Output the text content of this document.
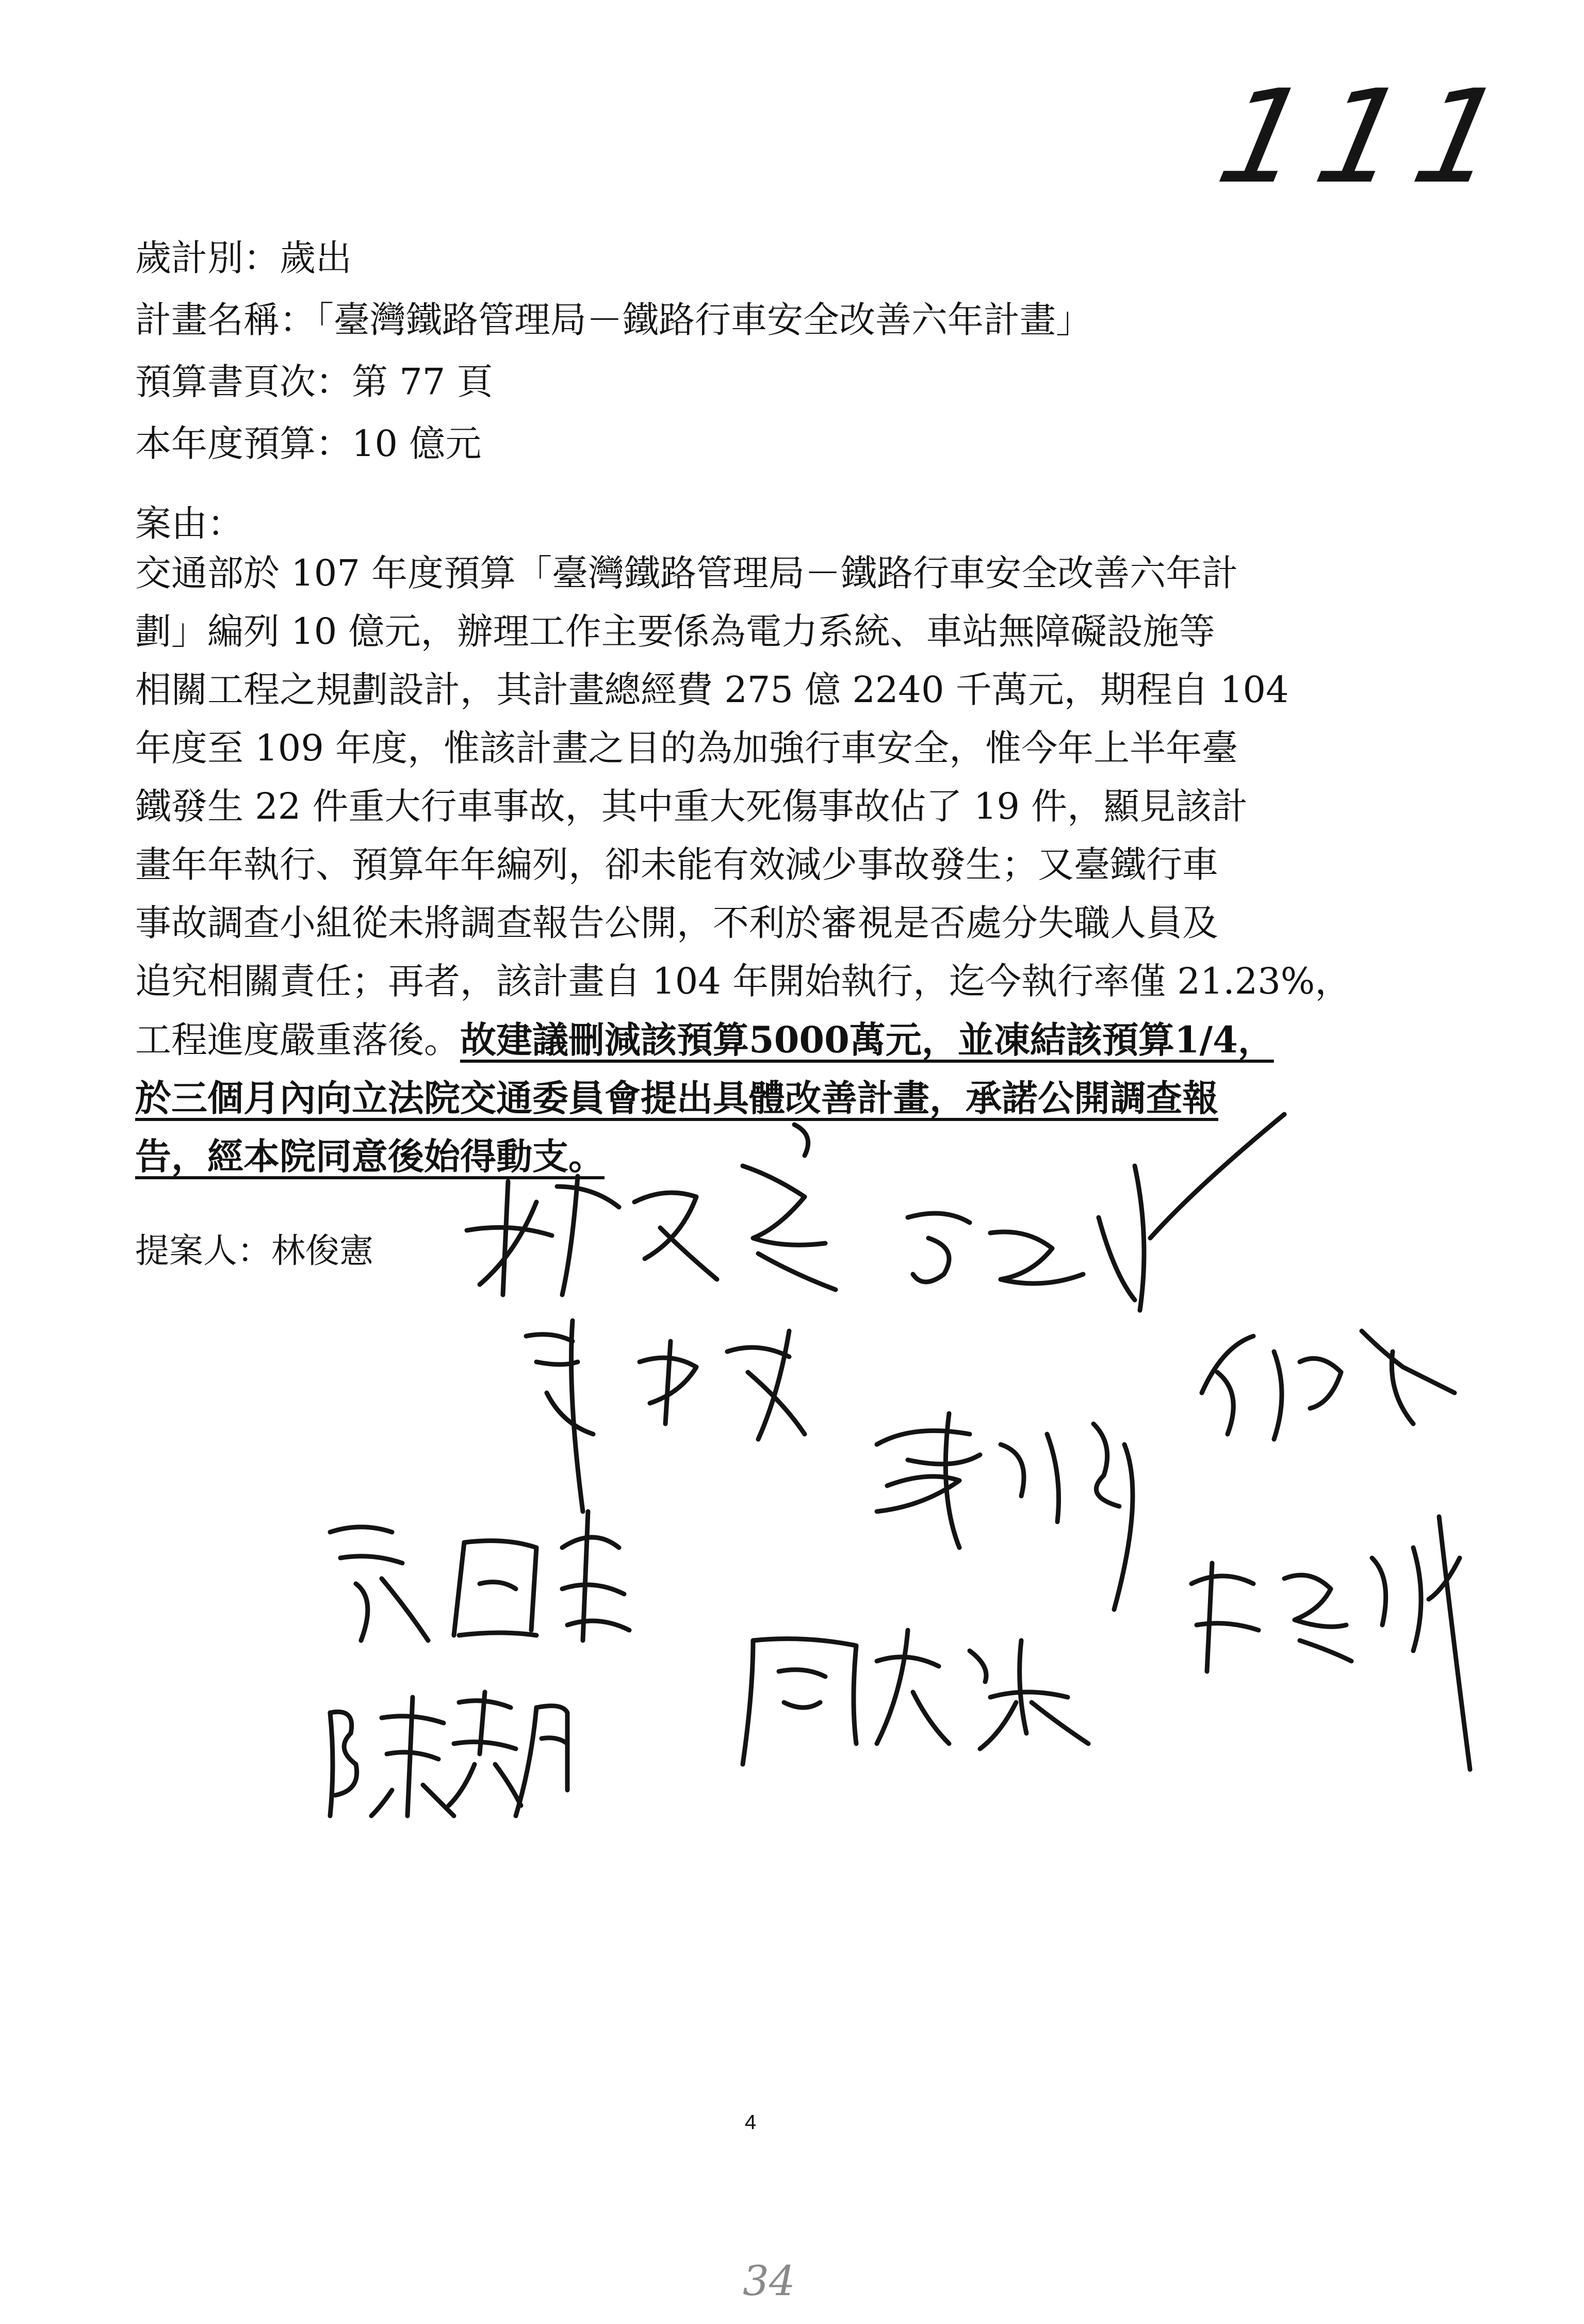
111
歲計別：歲出
計畫名稱：「臺灣鐵路管理局－鐵路行車安全改善六年計畫」
預算書頁次：第 77 頁
本年度預算：10 億元
案由：
交通部於 107 年度預算「臺灣鐵路管理局－鐵路行車安全改善六年計
劃」編列 10 億元，辦理工作主要係為電力系統、車站無障礙設施等
相關工程之規劃設計，其計畫總經費 275 億 2240 千萬元，期程自 104
年度至 109 年度，惟該計畫之目的為加強行車安全，惟今年上半年臺
鐵發生 22 件重大行車事故，其中重大死傷事故佔了 19 件，顯見該計
畫年年執行、預算年年編列，卻未能有效減少事故發生；又臺鐵行車
事故調查小組從未將調查報告公開，不利於審視是否處分失職人員及
追究相關責任；再者，該計畫自 104 年開始執行，迄今執行率僅 21.23%，
工程進度嚴重落後。故建議刪減該預算5000萬元，並凍結該預算1/4，
於三個月內向立法院交通委員會提出具體改善計畫，承諾公開調查報
告，經本院同意後始得動支。
提案人：林俊憲
4
34
